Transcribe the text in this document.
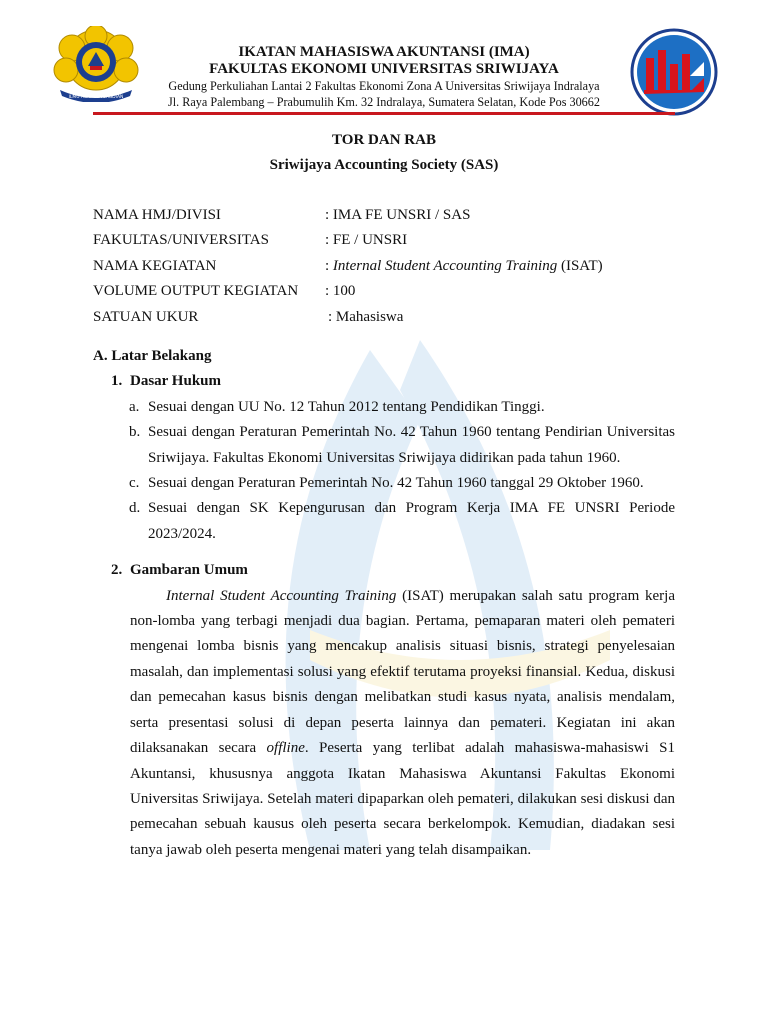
ILMU ALAT PENGABDIAN
IKATAN MAHASISWA AKUNTANSI (IMA)
FAKULTAS EKONOMI UNIVERSITAS SRIWIJAYA
Gedung Perkuliahan Lantai 2 Fakultas Ekonomi Zona A Universitas Sriwijaya Indralaya
Jl. Raya Palembang – Prabumulih Km. 32 Indralaya, Sumatera Selatan, Kode Pos 30662
TOR DAN RAB
Sriwijaya Accounting Society (SAS)
NAMA HMJ/DIVISI	: IMA FE UNSRI / SAS
FAKULTAS/UNIVERSITAS	: FE / UNSRI
NAMA KEGIATAN	: Internal Student Accounting Training (ISAT)
VOLUME OUTPUT KEGIATAN : 100
SATUAN UKUR	: Mahasiswa
A. Latar Belakang
1. Dasar Hukum
a. Sesuai dengan UU No. 12 Tahun 2012 tentang Pendidikan Tinggi.
b. Sesuai dengan Peraturan Pemerintah No. 42 Tahun 1960 tentang Pendirian Universitas Sriwijaya. Fakultas Ekonomi Universitas Sriwijaya didirikan pada tahun 1960.
c. Sesuai dengan Peraturan Pemerintah No. 42 Tahun 1960 tanggal 29 Oktober 1960.
d. Sesuai dengan SK Kepengurusan dan Program Kerja IMA FE UNSRI Periode 2023/2024.
2. Gambaran Umum
Internal Student Accounting Training (ISAT) merupakan salah satu program kerja non-lomba yang terbagi menjadi dua bagian. Pertama, pemaparan materi oleh pemateri mengenai lomba bisnis yang mencakup analisis situasi bisnis, strategi penyelesaian masalah, dan implementasi solusi yang efektif terutama proyeksi finansial. Kedua, diskusi dan pemecahan kasus bisnis dengan melibatkan studi kasus nyata, analisis mendalam, serta presentasi solusi di depan peserta lainnya dan pemateri. Kegiatan ini akan dilaksanakan secara offline. Peserta yang terlibat adalah mahasiswa-mahasiswi S1 Akuntansi, khususnya anggota Ikatan Mahasiswa Akuntansi Fakultas Ekonomi Universitas Sriwijaya. Setelah materi dipaparkan oleh pemateri, dilakukan sesi diskusi dan pemecahan sebuah kausus oleh peserta secara berkelompok. Kemudian, diadakan sesi tanya jawab oleh peserta mengenai materi yang telah disampaikan.
